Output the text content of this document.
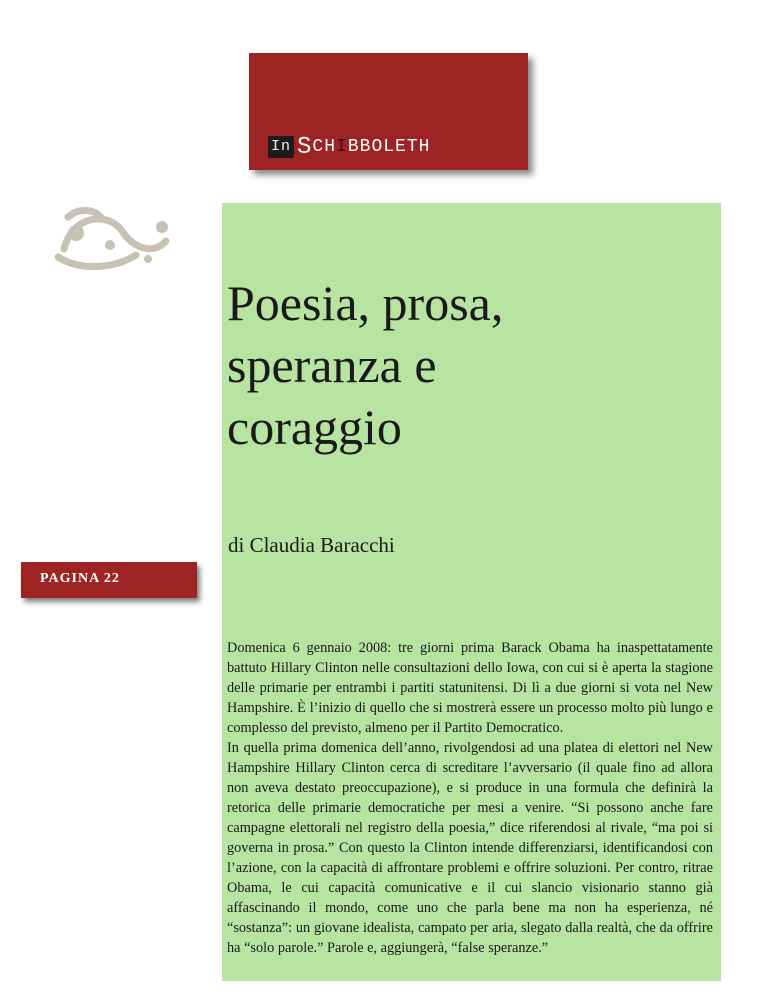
In S CH I BBOLETH
Poesia, prosa,
speranza e
coraggio
di Claudia Baracchi
PAGINA 22

Domenica 6 gennaio 2008: tre giorni prima Barack Obama ha inaspettatamente battuto Hillary Clinton nelle consultazioni dello Iowa, con cui si è aperta la stagione delle primarie per entrambi i partiti statunitensi. Di lì a due giorni si vota nel New Hampshire. È l’inizio di quello che si mostrerà essere un processo molto più lungo e complesso del previsto, almeno per il Partito Democratico.

In quella prima domenica dell’anno, rivolgendosi ad una platea di elettori nel New Hampshire Hillary Clinton cerca di screditare l’avversario (il quale fino ad allora non aveva destato preoccupazione), e si produce in una formula che definirà la retorica delle primarie democratiche per mesi a venire. “Si possono anche fare campagne elettorali nel registro della poesia,” dice riferendosi al rivale, “ma poi si governa in prosa.” Con questo la Clinton intende differenziarsi, identificandosi con l’azione, con la capacità di affrontare problemi e offrire soluzioni. Per contro, ritrae Obama, le cui capacità comunicative e il cui slancio visionario stanno già affascinando il mondo, come uno che parla bene ma non ha esperienza, né “sostanza”: un giovane idealista, campato per aria, slegato dalla realtà, che da offrire ha “solo parole.” Parole e, aggiungerà, “false speranze.”
